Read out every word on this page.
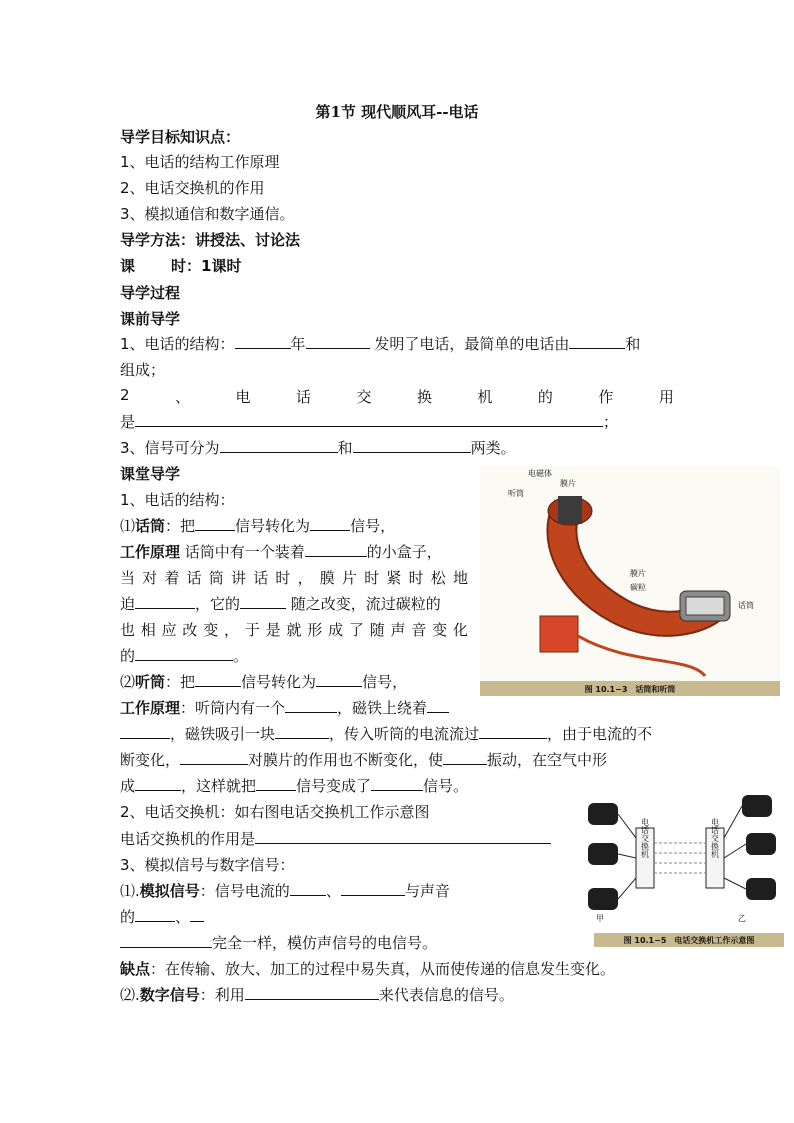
第1节 现代顺风耳--电话
导学目标知识点：
1、电话的结构工作原理
2、电话交换机的作用
3、模拟通信和数字通信。
导学方法：讲授法、讨论法
课 时：1课时
导学过程
课前导学
1、电话的结构：	年	发明了电话，最简单的电话由	和
组成；
2	、	电	话	交	换	机	的	作	用
是	；
3、信号可分为	和	两类。
课堂导学
1、电话的结构：
⑴话筒：把	信号转化为	信号，
工作原理 话筒中有一个装着	的小盒子，
当对着话筒讲话时，膜片时紧时松地
迫	，它的	随之改变，流过碳粒的
也相应改变，于是就形成了随声音变化
的	。
⑵听筒：把	信号转化为	信号，
工作原理：听筒内有一个	，磁铁上绕着
，磁铁吸引一块	，传入听筒的电流流过	，由于电流的不
断变化，	对膜片的作用也不断变化，使	振动，在空气中形
成	，这样就把	信号变成了	信号。
2、电话交换机：如右图电话交换机工作示意图
电话交换机的作用是
3、模拟信号与数字信号：
⑴.模拟信号：信号电流的 、	与声音
的	、
完全一样，模仿声信号的电信号。
缺点：在传输、放大、加工的过程中易失真，从而使传递的信息发生变化。
⑵.数字信号：利用	来代表信息的信号。
电磁体
膜片
听筒
膜片
碳粒
话筒
图 10.1−3　话筒和听筒
电话交换机	电话交换机
甲	乙
图 10.1−5　电话交换机工作示意图
